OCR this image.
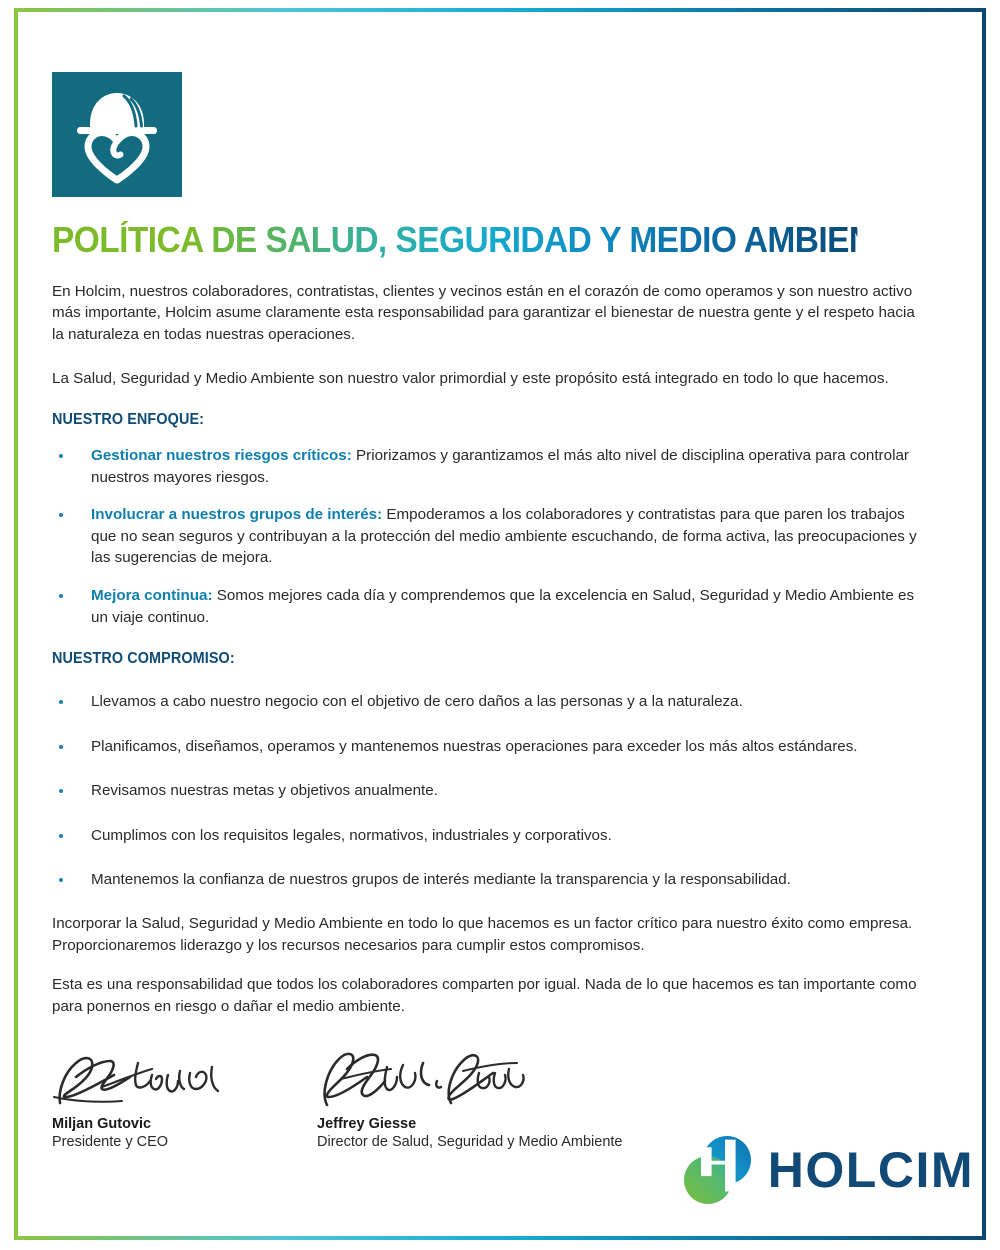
POLÍTICA DE SALUD, SEGURIDAD Y MEDIO AMBIENTE
En Holcim, nuestros colaboradores, contratistas, clientes y vecinos están en el corazón de como operamos y son nuestro activo más importante, Holcim asume claramente esta responsabilidad para garantizar el bienestar de nuestra gente y el respeto hacia la naturaleza en todas nuestras operaciones.
La Salud, Seguridad y Medio Ambiente son nuestro valor primordial y este propósito está integrado en todo lo que hacemos.
NUESTRO ENFOQUE:
Gestionar nuestros riesgos críticos: Priorizamos y garantizamos el más alto nivel de disciplina operativa para controlar nuestros mayores riesgos.
Involucrar a nuestros grupos de interés: Empoderamos a los colaboradores y contratistas para que paren los trabajos que no sean seguros y contribuyan a la protección del medio ambiente escuchando, de forma activa, las preocupaciones y las sugerencias de mejora.
Mejora continua: Somos mejores cada día y comprendemos que la excelencia en Salud, Seguridad y Medio Ambiente es un viaje continuo.
NUESTRO COMPROMISO:
Llevamos a cabo nuestro negocio con el objetivo de cero daños a las personas y a la naturaleza.
Planificamos, diseñamos, operamos y mantenemos nuestras operaciones para exceder los más altos estándares.
Revisamos nuestras metas y objetivos anualmente.
Cumplimos con los requisitos legales, normativos, industriales y corporativos.
Mantenemos la confianza de nuestros grupos de interés mediante la transparencia y la responsabilidad.
Incorporar la Salud, Seguridad y Medio Ambiente en todo lo que hacemos es un factor crítico para nuestro éxito como empresa. Proporcionaremos liderazgo y los recursos necesarios para cumplir estos compromisos.
Esta es una responsabilidad que todos los colaboradores comparten por igual. Nada de lo que hacemos es tan importante como para ponernos en riesgo o dañar el medio ambiente.
Miljan Gutovic
Presidente y CEO
Jeffrey Giesse
Director de Salud, Seguridad y Medio Ambiente	HOLCIM
